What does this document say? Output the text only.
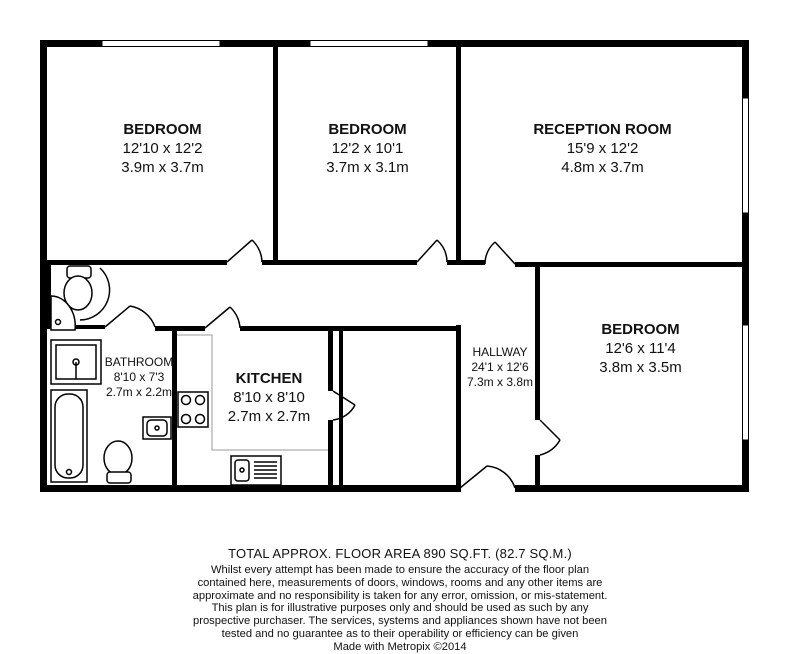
BEDROOM
12'10 x 12'2
3.9m x 3.7m
BEDROOM
12'2 x 10'1
3.7m x 3.1m
RECEPTION ROOM
15'9 x 12'2
4.8m x 3.7m
BEDROOM
12'6 x 11'4
3.8m x 3.5m
KITCHEN
8'10 x 8'10
2.7m x 2.7m
BATHROOM
8'10 x 7'3
2.7m x 2.2m
HALLWAY
24'1 x 12'6
7.3m x 3.8m
TOTAL APPROX. FLOOR AREA 890 SQ.FT. (82.7 SQ.M.)
Whilst every attempt has been made to ensure the accuracy of the floor plan contained here, measurements of doors, windows, rooms and any other items are approximate and no responsibility is taken for any error, omission, or mis-statement. This plan is for illustrative purposes only and should be used as such by any prospective purchaser. The services, systems and appliances shown have not been tested and no guarantee as to their operability or efficiency can be given
Made with Metropix ©2014
